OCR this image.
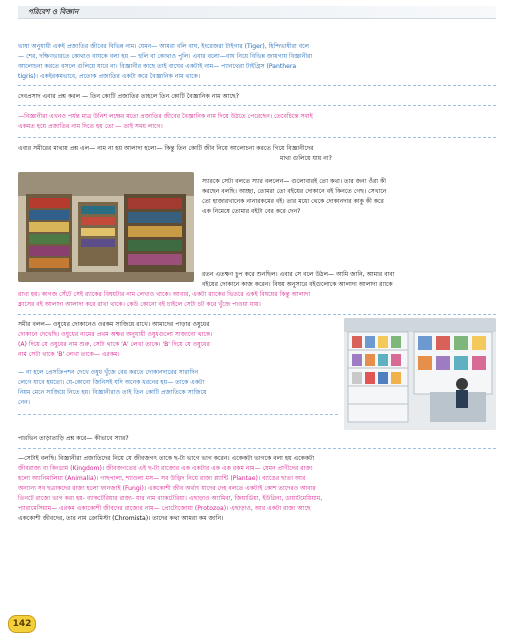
পরিবেশ ও বিজ্ঞান
ভাষা অনুযায়ী একই প্রজাতির জীবের বিভিন্ন নাম। যেমন— আমরা বলি বাঘ, ইংরেজরা টাইগার (Tiger), হিন্দিভাষীরা বলে
— শের, দক্ষিণভারতে কোথাও বাঘকে বলা হয় — হুলি বা কোথাও পুলি। এবার বলো—বাঘ নিয়ে বিভিন্ন জায়গায় বিজ্ঞানীরা
আলোচনা করতে বসলে গুলিয়ে যাবে না। বিজ্ঞানীর কাছে তাই বাঘের একটাই নাম— প্যানথেরা টাইগ্রিস (Panthera
tigris)। একইরকমভাবে, প্রত্যেক প্রজাতির একটা করে বৈজ্ঞানিক নাম থাকে।
দেবপ্রসাদ এবার প্রশ্ন করল — তিন কোটি প্রজাতির তাহলে তিন কোটি বৈজ্ঞানিক নাম আছে?
—বিজ্ঞানীরা এখনও পর্যন্ত মাত্র উনিশ লক্ষের মতো প্রজাতির জীবের বৈজ্ঞানিক নাম দিয়ে উঠতে পেরেছেন। তেবেচিন্তে সবাই
একমত হয়ে প্রজাতির নাম দিতে হয় তো — তাই সময় লাগে।
এবার সমীরের মাথায় প্রশ্ন এল— নাম না হয় আলাদা হলো— কিন্তু তিন কোটি জীব নিয়ে আলোচনা করতে গিয়ে বিজ্ঞানীদের
মাথা গুলিয়ে যায় না?
স্যারকে সেটা বলতে স্যার বললেন— গুলোবারই তো কথা। তার জন্য ওঁরা কী
করছেন বলছি। আচ্ছা, তোমরা তো বইয়ের দোকানে বই কিনতে গেছ। সেখানে
তো হাজারখানেক নানারকমের বই। তার মধ্যে থেকে দোকানদার কাকু কী করে
এক নিমেষে তোমার বইটা বের করে দেন?
রতন এতক্ষণ চুপ করে শুনছিল। এবার সে বলে উঠল— আমি জানি, আমার বাবা
বইয়ের দোকানে কাজ করেন। বিষয় অনুসারে বইগুলোকে আলাদা আলাদা র‍্যাকে
রাখা হয়। কাগজ সেঁটে সেই র‍্যাকের বিষয়টার নাম লেখাও থাকে। আবার, একটা র‍্যাকের ভিতরে একই বিষয়ের কিন্তু আলাদা
ক্লাসের বই আলাদা আলাদা করে রাখা থাকে। কেউ কোনো বই চাইলে সেটা চট করে খুঁজে পাওয়া যায়।
সমীর বলল— ওষুধের দোকানেও ওরকম সাজিয়ে রাখে। আমাদের পাড়ার ওষুধের
দোকানে দেখেছি। ওষুধের নামের প্রথম অক্ষর অনুযায়ী ওষুধগুলো সাজানো থাকে।
(A) দিয়ে যে ওষুধের নাম শুরু, সেটা থাকে 'A' লেখা তাকে। 'B' দিয়ে যে ওষুধের
নাম সেটা থাকে 'B' লেখা তাকে— এরকম।
— না হলে প্রেসক্রিপশন দেখে ওষুধ খুঁজে বের করতে দোকানদারের সারাদিন
লেগে যাবে হয়তো। যে-কোনো জিনিসই যদি অনেক ধরনের হয়— তাকে একটা
নিয়ম মেনে সাজিয়ে নিতে হয়। বিজ্ঞানীরাও তাই তিন কোটি প্রজাতিকে সাজিয়ে
নেন।
পারভিন তাড়াতাড়ি প্রশ্ন করে— কীভাবে স্যার?
—সেটাই বলছি। বিজ্ঞানীরা প্রজাতিদের নিয়ে যে জীবজগৎ তাকে ছ-টা ভাগে ভাগ করেন। একেকটা ভাগকে বলা হয় একেকটা
জীবরাজ্য বা কিংডাম (Kingdom)। জীবজগতের এই ছ-টা রাজ্যের এক একটার এক এক রকম নাম— যেমন প্রাণীদের রাজ্য
হলো অ্যানিমালিয়া (Animalia)। গাছপালা, শ্যাওলা মস— সব উদ্ভিদ নিয়ে রাজ্য প্ল্যান্টি (Plantae)। ব্যাঙের ছাতা আর
অন্যান্য সব ছত্রাকদের রাজ্য হলো ফানজাই (Fungi)। এককোশী জীব অর্থাৎ যাদের দেহ বলতে একটাই কোশ তাদেরও আবার
তিনটে রাজ্যে ভাগ করা হয়- ব্যাকটেরিয়ার রাজ্য- যার নাম ব্যাকটেরিয়া। এছাড়াও অ্যামিবা, জিয়ার্ডিয়া, ইউগ্লিনা, ডায়াটমেয়িয়াম,
প্যারামেসিয়াম— এরকম একাকোশী জীবদের রাজ্যের নাম— প্রোটোজোয়া (Protozoa)। এছাড়াও, আর একটা রাজ্য আছে
এককোশী জীবদের, তার নাম ক্রোমিস্টা (Chromista)। তাদের কথা আমরা কম জানি।
142
